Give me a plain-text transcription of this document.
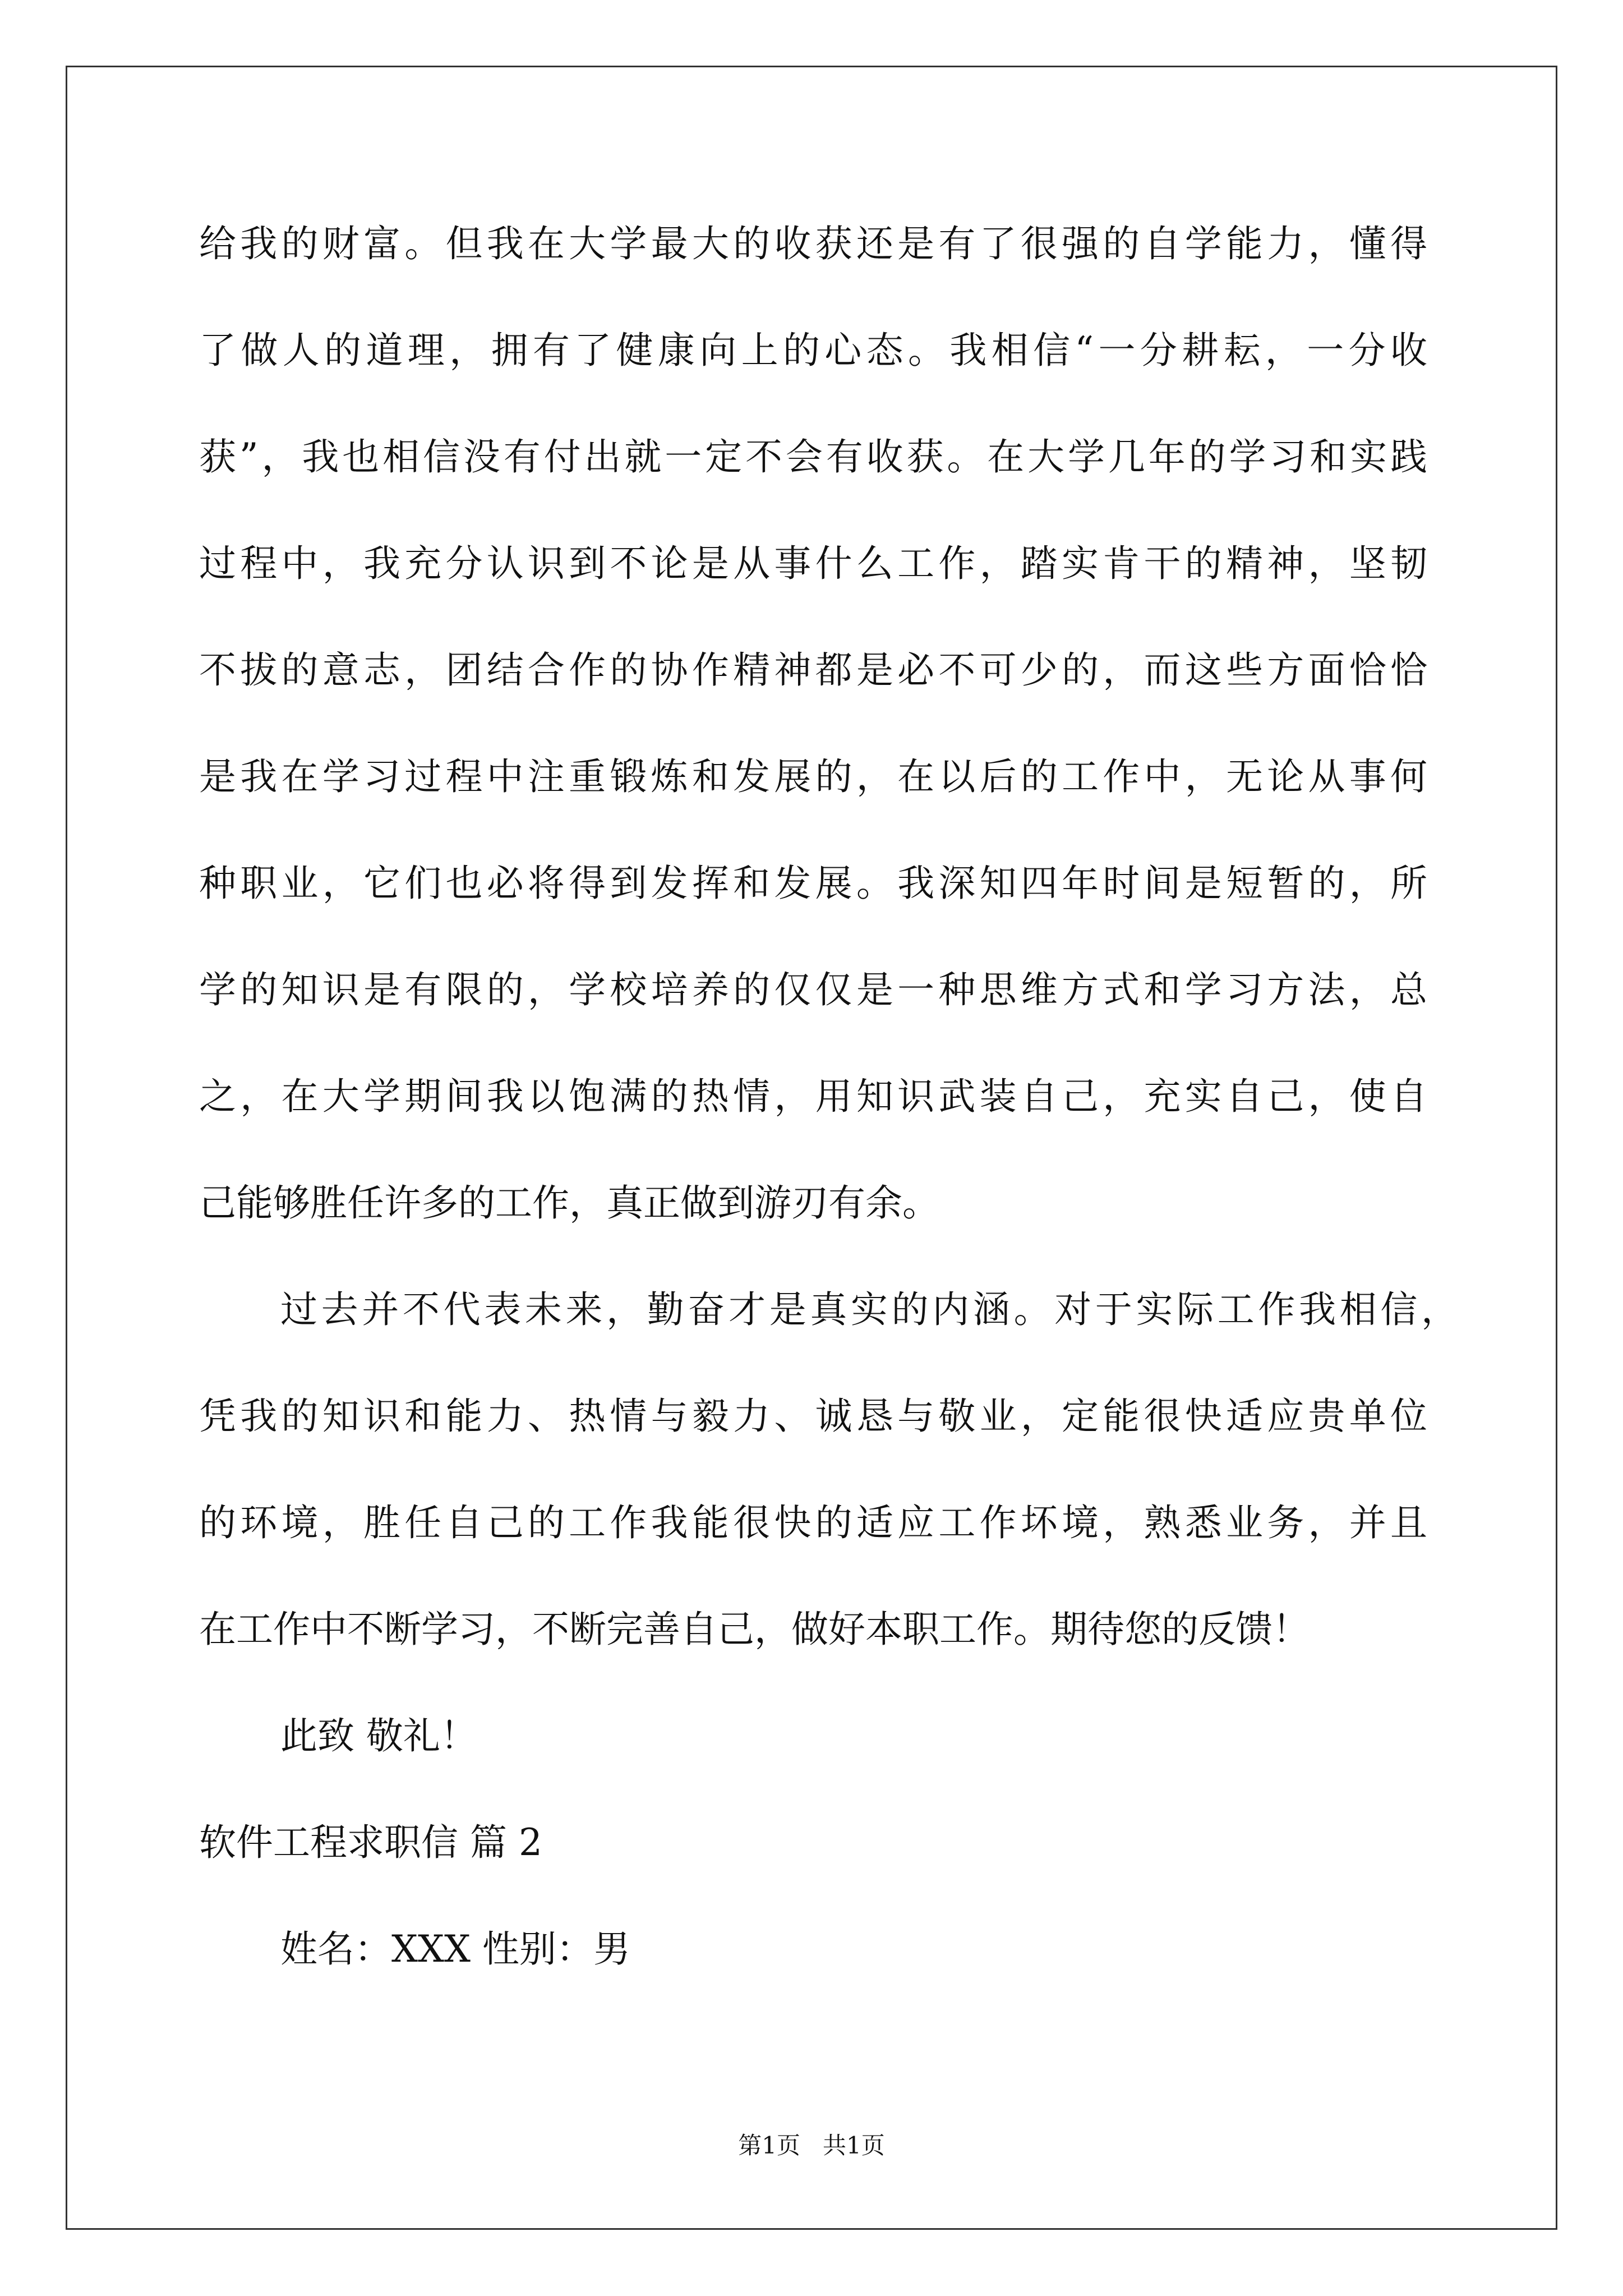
给我的财富。但我在大学最大的收获还是有了很强的自学能力，懂得
了做人的道理，拥有了健康向上的心态。我相信“一分耕耘，一分收
获”，我也相信没有付出就一定不会有收获。在大学几年的学习和实践
过程中，我充分认识到不论是从事什么工作，踏实肯干的精神，坚韧
不拔的意志，团结合作的协作精神都是必不可少的，而这些方面恰恰
是我在学习过程中注重锻炼和发展的，在以后的工作中，无论从事何
种职业，它们也必将得到发挥和发展。我深知四年时间是短暂的，所
学的知识是有限的，学校培养的仅仅是一种思维方式和学习方法，总
之，在大学期间我以饱满的热情，用知识武装自己，充实自己，使自
己能够胜任许多的工作，真正做到游刃有余。
过去并不代表未来，勤奋才是真实的内涵。对于实际工作我相信，
凭我的知识和能力、热情与毅力、诚恳与敬业，定能很快适应贵单位
的环境，胜任自己的工作我能很快的适应工作坏境，熟悉业务，并且
在工作中不断学习，不断完善自己，做好本职工作。期待您的反馈！
此致 敬礼！
软件工程求职信 篇 2
姓名：XXX 性别：男
第1页   共1页
